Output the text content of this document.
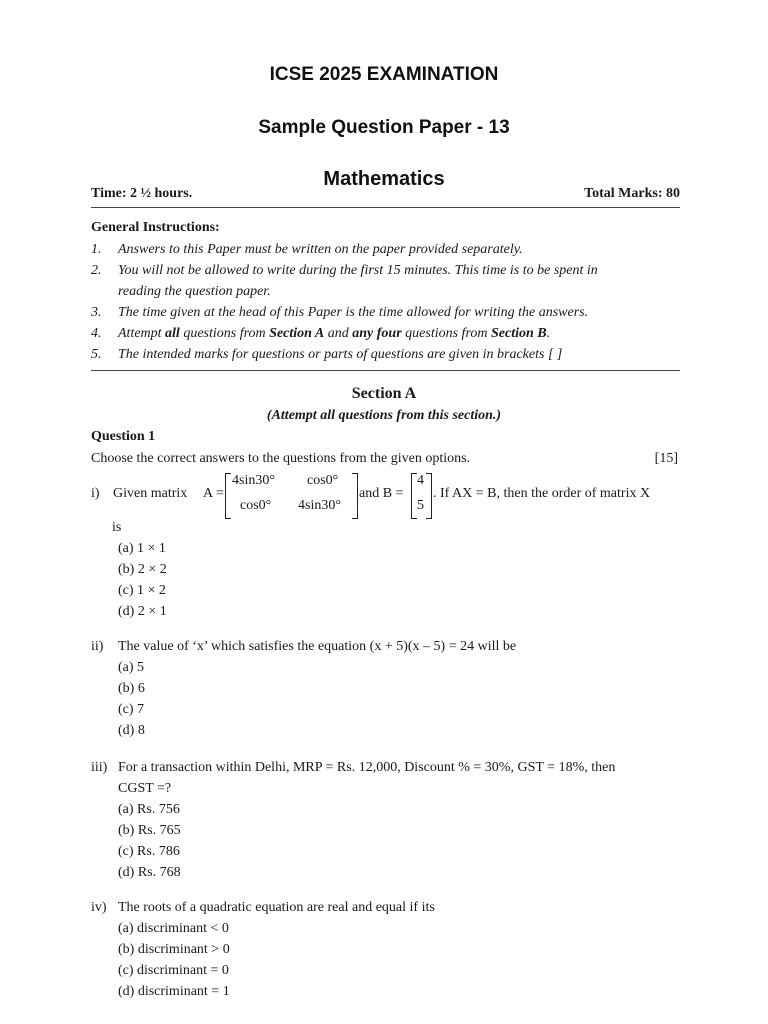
ICSE 2025 EXAMINATION

Sample Question Paper - 13

Mathematics

Time: 2 ½ hours.	Total Marks: 80

General Instructions:

1. Answers to this Paper must be written on the paper provided separately.
2. You will not be allowed to write during the first 15 minutes. This time is to be spent in
reading the question paper.
3. The time given at the head of this Paper is the time allowed for writing the answers.
4. Attempt all questions from Section A and any four questions from Section B.
5. The intended marks for questions or parts of questions are given in brackets [ ]

Section A

(Attempt all questions from this section.)

Question 1

Choose the correct answers to the questions from the given options.	[15]

i) Given matrix A =
4sin30° cos0°
cos0° 4sin30°
and B =
4
5
. If AX = B, then the order of matrix X
is
(a) 1 × 1
(b) 2 × 2
(c) 1 × 2
(d) 2 × 1
ii) The value of ‘x’ which satisfies the equation (x + 5)(x – 5) = 24 will be
(a) 5
(b) 6
(c) 7
(d) 8
iii) For a transaction within Delhi, MRP = Rs. 12,000, Discount % = 30%, GST = 18%, then
CGST =?
(a) Rs. 756
(b) Rs. 765
(c) Rs. 786
(d) Rs. 768
iv) The roots of a quadratic equation are real and equal if its
(a) discriminant < 0
(b) discriminant > 0
(c) discriminant = 0
(d) discriminant = 1
